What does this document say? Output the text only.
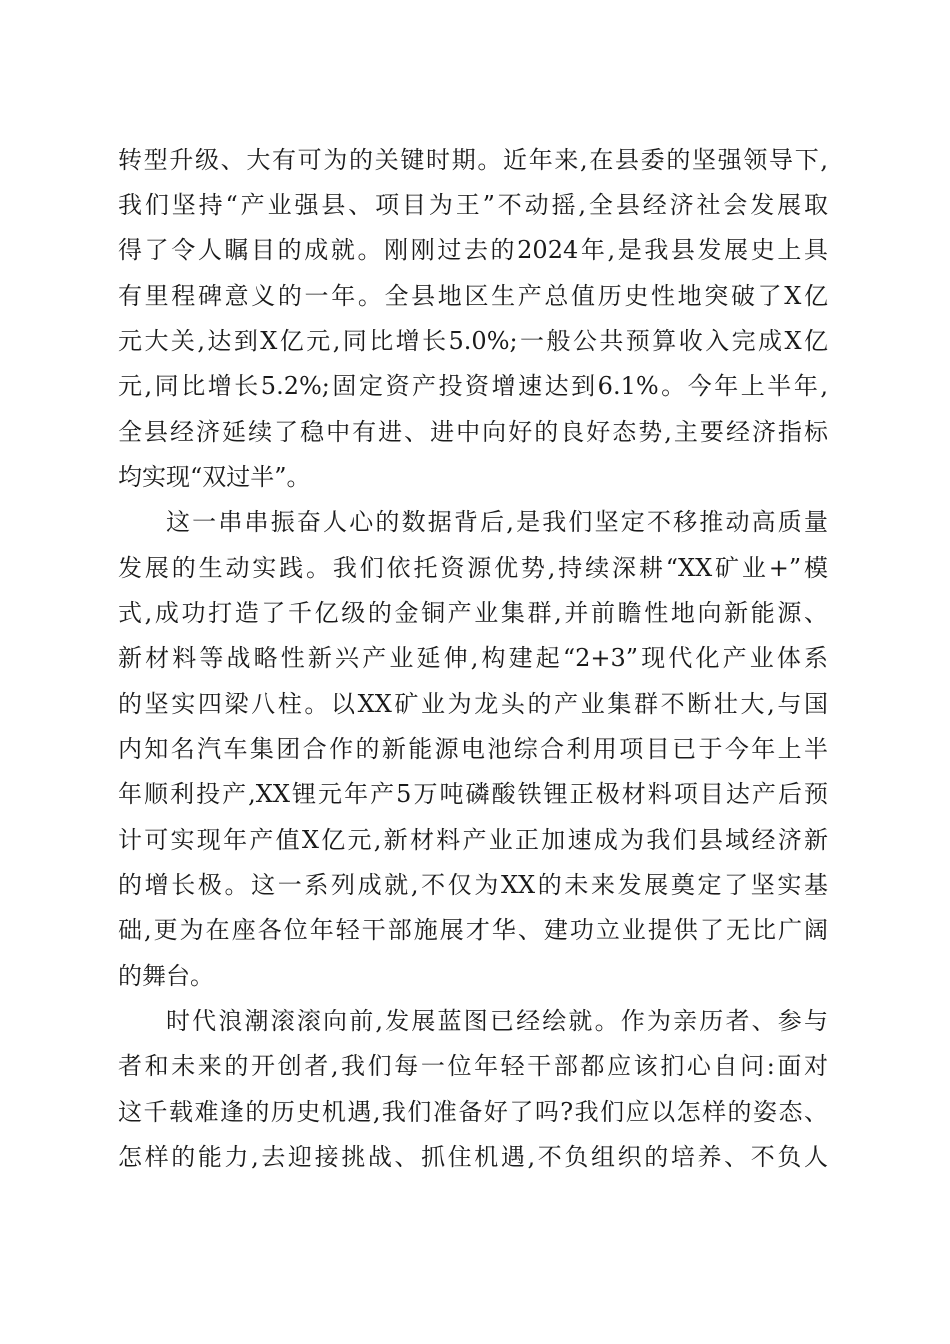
转型升级、大有可为的关键时期。近年来,在县委的坚强领导下,
我们坚持“产业强县、项目为王”不动摇,全县经济社会发展取
得了令人瞩目的成就。刚刚过去的2024年,是我县发展史上具
有里程碑意义的一年。全县地区生产总值历史性地突破了X亿
元大关,达到X亿元,同比增长5.0%;一般公共预算收入完成X亿
元,同比增长5.2%;固定资产投资增速达到6.1%。今年上半年,
全县经济延续了稳中有进、进中向好的良好态势,主要经济指标
均实现“双过半”。
这一串串振奋人心的数据背后,是我们坚定不移推动高质量
发展的生动实践。我们依托资源优势,持续深耕“XX矿业+”模
式,成功打造了千亿级的金铜产业集群,并前瞻性地向新能源、
新材料等战略性新兴产业延伸,构建起“2+3”现代化产业体系
的坚实四梁八柱。以XX矿业为龙头的产业集群不断壮大,与国
内知名汽车集团合作的新能源电池综合利用项目已于今年上半
年顺利投产,XX锂元年产5万吨磷酸铁锂正极材料项目达产后预
计可实现年产值X亿元,新材料产业正加速成为我们县域经济新
的增长极。这一系列成就,不仅为XX的未来发展奠定了坚实基
础,更为在座各位年轻干部施展才华、建功立业提供了无比广阔
的舞台。
时代浪潮滚滚向前,发展蓝图已经绘就。作为亲历者、参与
者和未来的开创者,我们每一位年轻干部都应该扪心自问:面对
这千载难逢的历史机遇,我们准备好了吗?我们应以怎样的姿态、
怎样的能力,去迎接挑战、抓住机遇,不负组织的培养、不负人
